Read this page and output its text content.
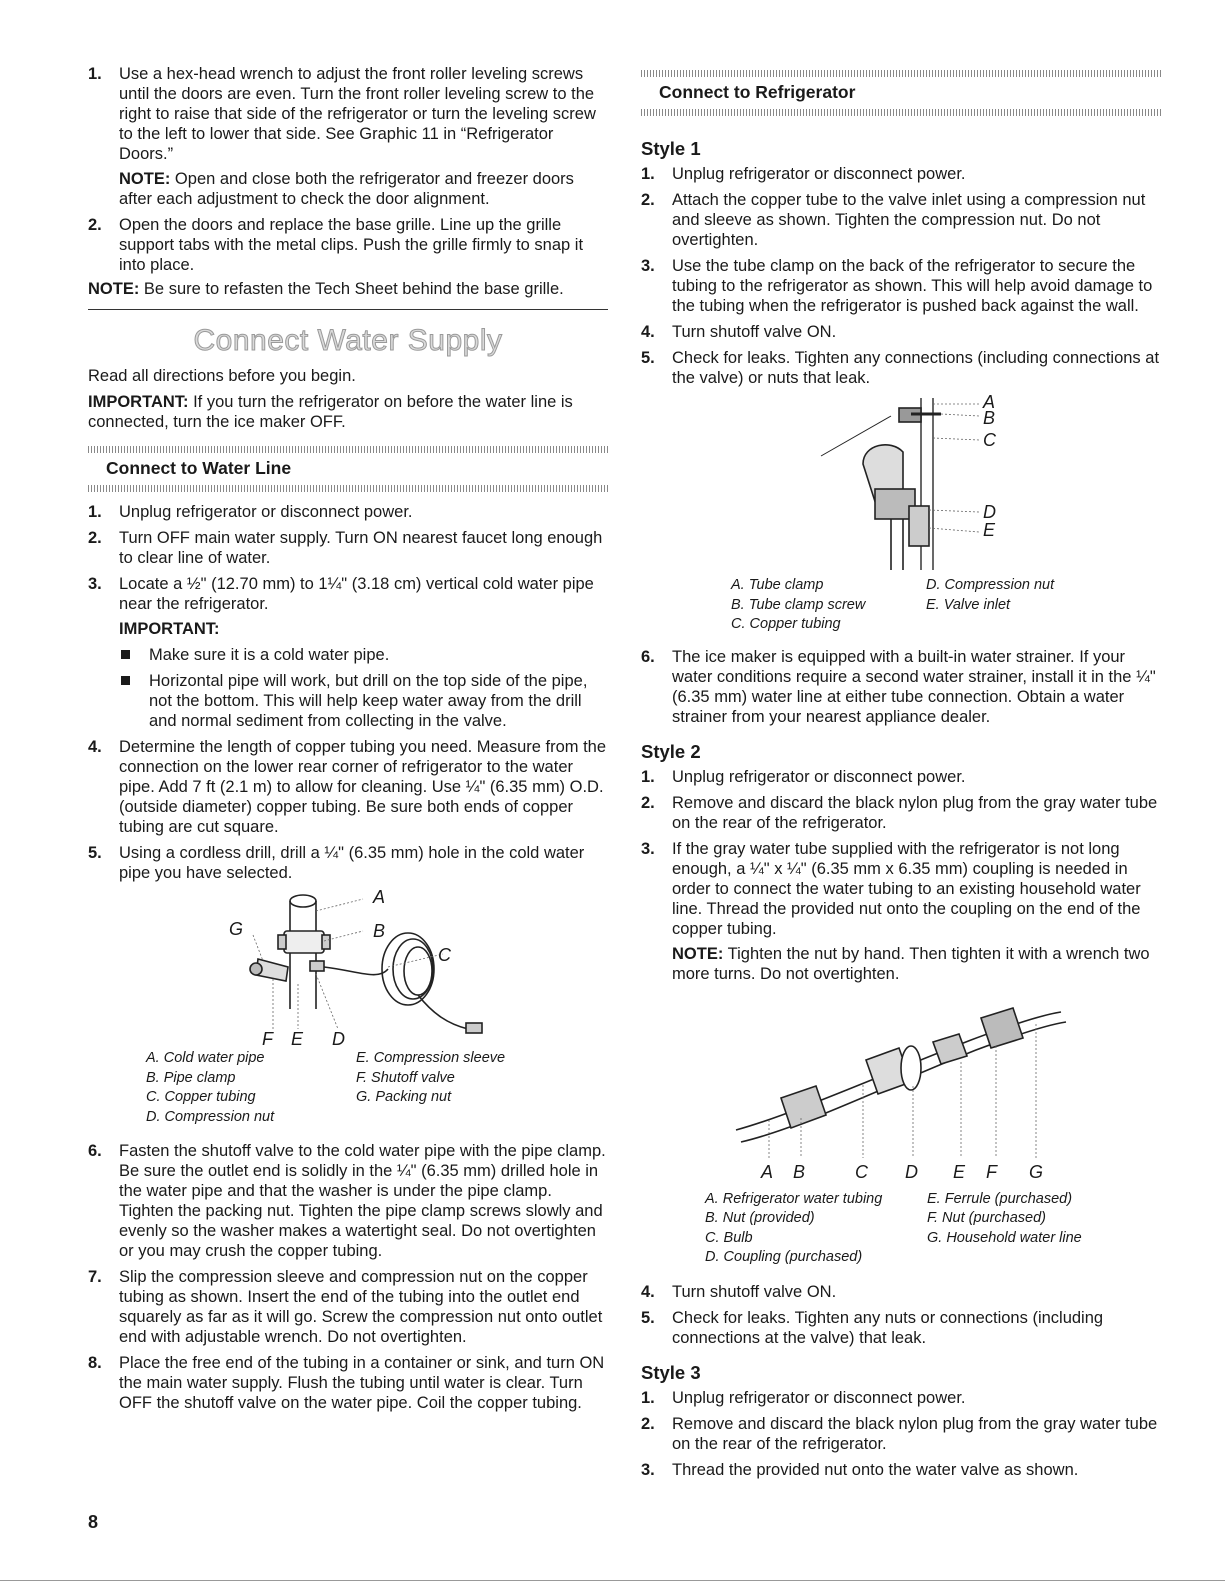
1. Use a hex-head wrench to adjust the front roller leveling screws until the doors are even. Turn the front roller leveling screw to the right to raise that side of the refrigerator or turn the leveling screw to the left to lower that side. See Graphic 11 in “Refrigerator Doors.”

NOTE: Open and close both the refrigerator and freezer doors after each adjustment to check the door alignment.

2. Open the doors and replace the base grille. Line up the grille support tabs with the metal clips. Push the grille firmly to snap it into place.

NOTE: Be sure to refasten the Tech Sheet behind the base grille.

Connect Water Supply

Read all directions before you begin.

IMPORTANT: If you turn the refrigerator on before the water line is connected, turn the ice maker OFF.

Connect to Water Line
1. Unplug refrigerator or disconnect power.

2. Turn OFF main water supply. Turn ON nearest faucet long enough to clear line of water.

3. Locate a ½" (12.70 mm) to 1¼" (3.18 cm) vertical cold water pipe near the refrigerator.

IMPORTANT:

Make sure it is a cold water pipe.
Horizontal pipe will work, but drill on the top side of the pipe, not the bottom. This will help keep water away from the drill and normal sediment from collecting in the valve.
4. Determine the length of copper tubing you need. Measure from the connection on the lower rear corner of refrigerator to the water pipe. Add 7 ft (2.1 m) to allow for cleaning. Use ¼" (6.35 mm) O.D. (outside diameter) copper tubing. Be sure both ends of copper tubing are cut square.

5. Using a cordless drill, drill a ¼" (6.35 mm) hole in the cold water pipe you have selected.

A
B
C
G
F E D
A. Cold water pipe	E. Compression sleeve
B. Pipe clamp	F. Shutoff valve
C. Copper tubing	G. Packing nut
D. Compression nut
6. Fasten the shutoff valve to the cold water pipe with the pipe clamp. Be sure the outlet end is solidly in the ¼" (6.35 mm) drilled hole in the water pipe and that the washer is under the pipe clamp. Tighten the packing nut. Tighten the pipe clamp screws slowly and evenly so the washer makes a watertight seal. Do not overtighten or you may crush the copper tubing.

7. Slip the compression sleeve and compression nut on the copper tubing as shown. Insert the end of the tubing into the outlet end squarely as far as it will go. Screw the compression nut onto outlet end with adjustable wrench. Do not overtighten.

8. Place the free end of the tubing in a container or sink, and turn ON the main water supply. Flush the tubing until water is clear. Turn OFF the shutoff valve on the water pipe. Coil the copper tubing.

Connect to Refrigerator
Style 1
1. Unplug refrigerator or disconnect power.

2. Attach the copper tube to the valve inlet using a compression nut and sleeve as shown. Tighten the compression nut. Do not overtighten.

3. Use the tube clamp on the back of the refrigerator to secure the tubing to the refrigerator as shown. This will help avoid damage to the tubing when the refrigerator is pushed back against the wall.

4. Turn shutoff valve ON.

5. Check for leaks. Tighten any connections (including connections at the valve) or nuts that leak.

A
B
C
D
E
A. Tube clamp	D. Compression nut
B. Tube clamp screw	E. Valve inlet
C. Copper tubing
6. The ice maker is equipped with a built-in water strainer. If your water conditions require a second water strainer, install it in the ¼" (6.35 mm) water line at either tube connection. Obtain a water strainer from your nearest appliance dealer.

Style 2
1. Unplug refrigerator or disconnect power.

2. Remove and discard the black nylon plug from the gray water tube on the rear of the refrigerator.

3. If the gray water tube supplied with the refrigerator is not long enough, a ¼" x ¼" (6.35 mm x 6.35 mm) coupling is needed in order to connect the water tubing to an existing household water line. Thread the provided nut onto the coupling on the end of the copper tubing.

NOTE: Tighten the nut by hand. Then tighten it with a wrench two more turns. Do not overtighten.

A B	C D E F G
A. Refrigerator water tubing	E. Ferrule (purchased)
B. Nut (provided)	F. Nut (purchased)
C. Bulb	G. Household water line
D. Coupling (purchased)
4. Turn shutoff valve ON.

5. Check for leaks. Tighten any nuts or connections (including connections at the valve) that leak.

Style 3
1. Unplug refrigerator or disconnect power.

2. Remove and discard the black nylon plug from the gray water tube on the rear of the refrigerator.

3. Thread the provided nut onto the water valve as shown.

8
